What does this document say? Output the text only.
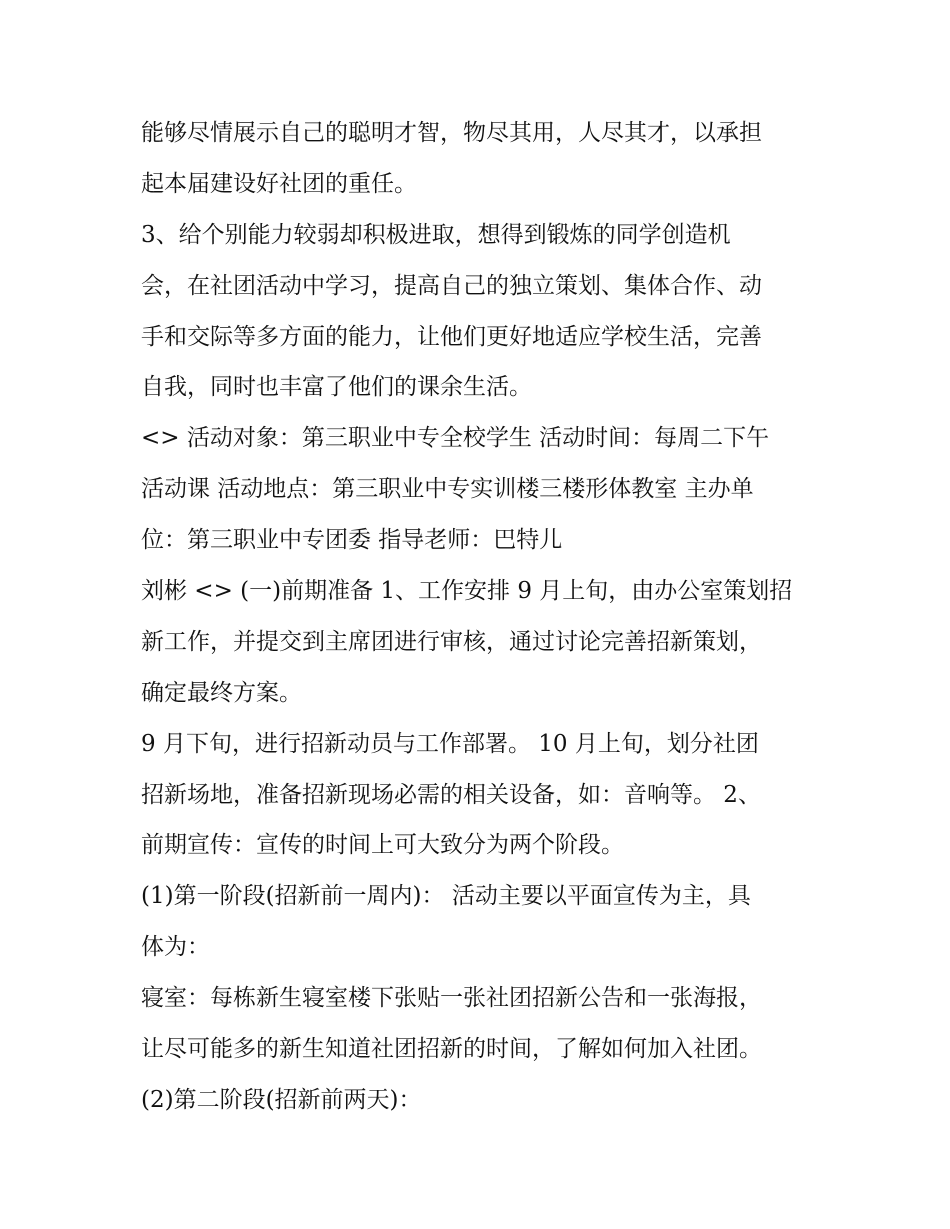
能够尽情展示自己的聪明才智，物尽其用，人尽其才，以承担
起本届建设好社团的重任。
3、给个别能力较弱却积极进取，想得到锻炼的同学创造机
会，在社团活动中学习，提高自己的独立策划、集体合作、动
手和交际等多方面的能力，让他们更好地适应学校生活，完善
自我，同时也丰富了他们的课余生活。
<> 活动对象：第三职业中专全校学生 活动时间：每周二下午
活动课 活动地点：第三职业中专实训楼三楼形体教室 主办单
位：第三职业中专团委 指导老师：巴特儿
刘彬 <> (一)前期准备 1、工作安排 9 月上旬，由办公室策划招
新工作，并提交到主席团进行审核，通过讨论完善招新策划，
确定最终方案。
9 月下旬，进行招新动员与工作部署。 10 月上旬，划分社团
招新场地，准备招新现场必需的相关设备，如：音响等。 2、
前期宣传：宣传的时间上可大致分为两个阶段。
(1)第一阶段(招新前一周内)： 活动主要以平面宣传为主，具
体为：
寝室：每栋新生寝室楼下张贴一张社团招新公告和一张海报，
让尽可能多的新生知道社团招新的时间，了解如何加入社团。
(2)第二阶段(招新前两天)：
